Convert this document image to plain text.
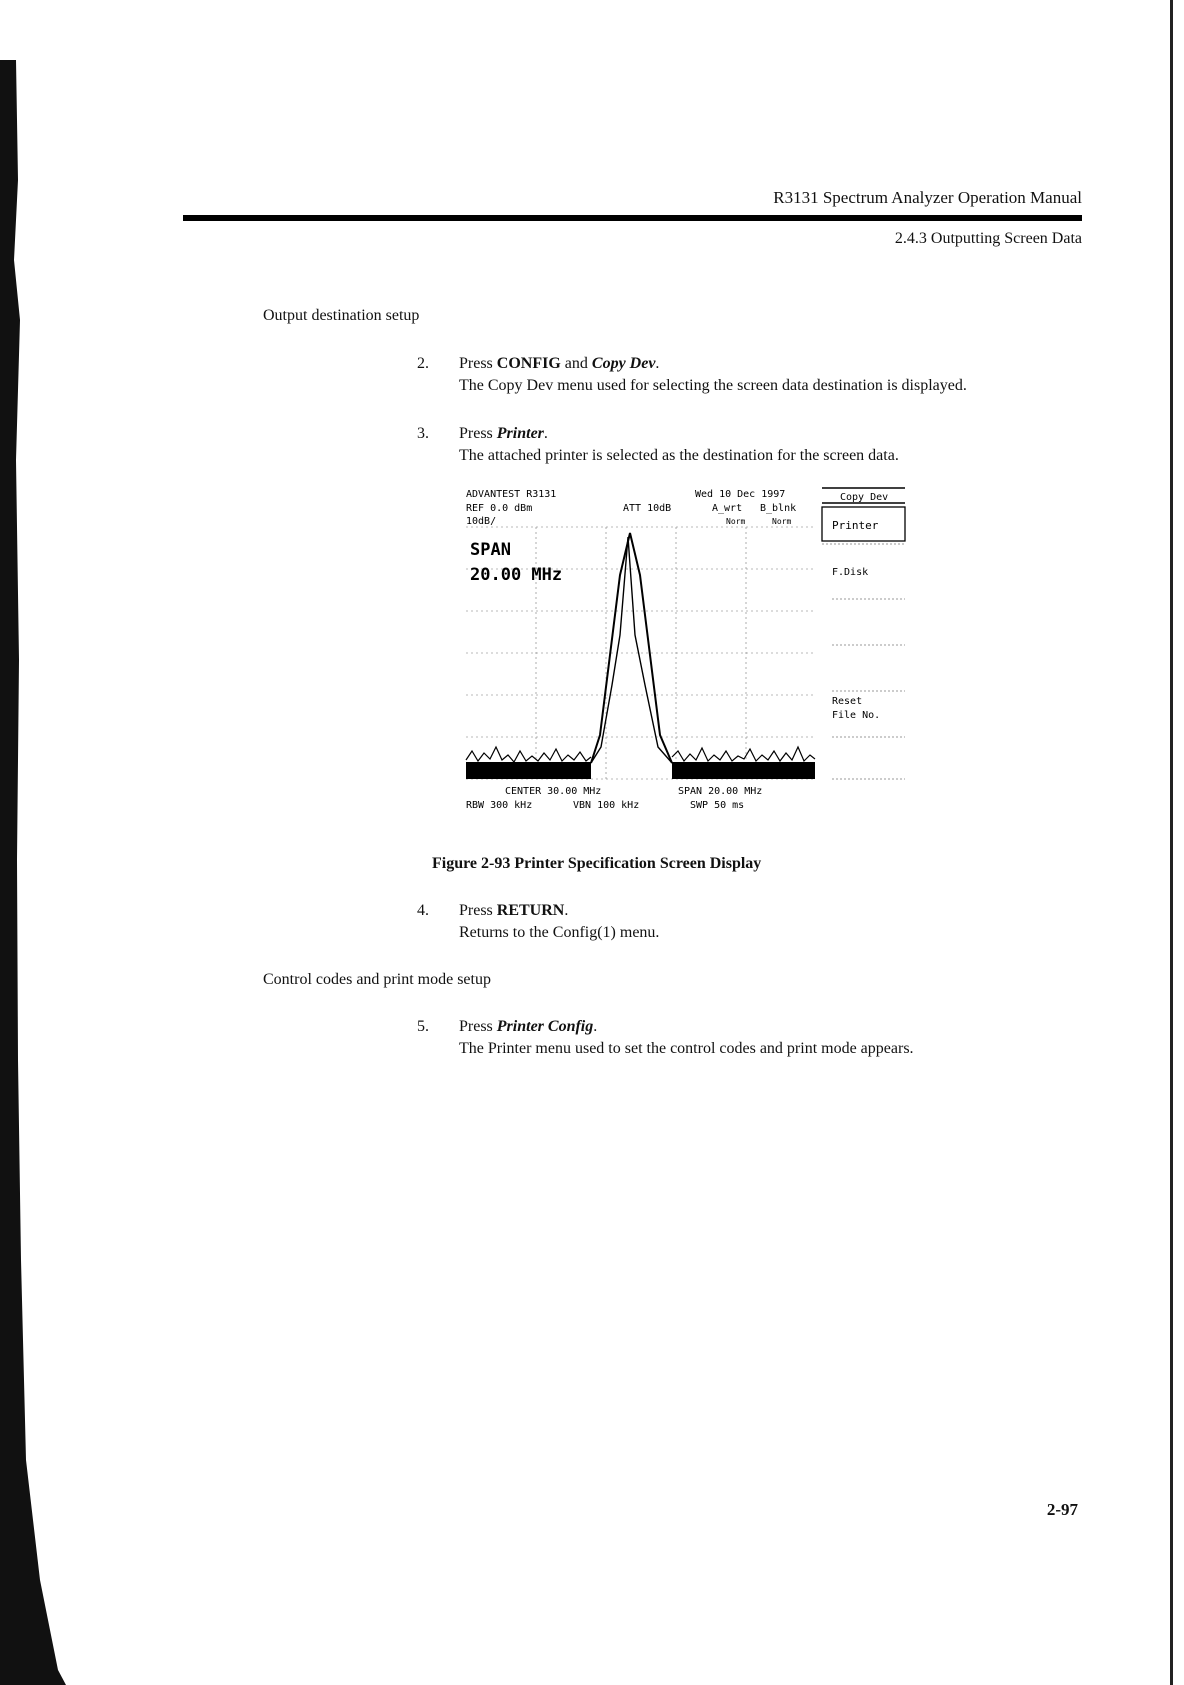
R3131 Spectrum Analyzer Operation Manual
2.4.3 Outputting Screen Data
Output destination setup
2. Press CONFIG and Copy Dev.
The Copy Dev menu used for selecting the screen data destination is displayed.
3. Press Printer.
The attached printer is selected as the destination for the screen data.
ADVANTEST R3131	Wed 10 Dec 1997
REF 0.0 dBm	ATT 10dB	A_wrt B_blnk
10dB/	Norm	Norm
SPAN
20.00 MHz
CENTER 30.00 MHz	SPAN 20.00 MHz
RBW 300 kHz	VBN 100 kHz	SWP 50 ms
Copy Dev
Printer
F.Disk
Reset
File No.
Figure 2-93 Printer Specification Screen Display
4. Press RETURN.
Returns to the Config(1) menu.
Control codes and print mode setup
5. Press Printer Config.
The Printer menu used to set the control codes and print mode appears.
2-97
